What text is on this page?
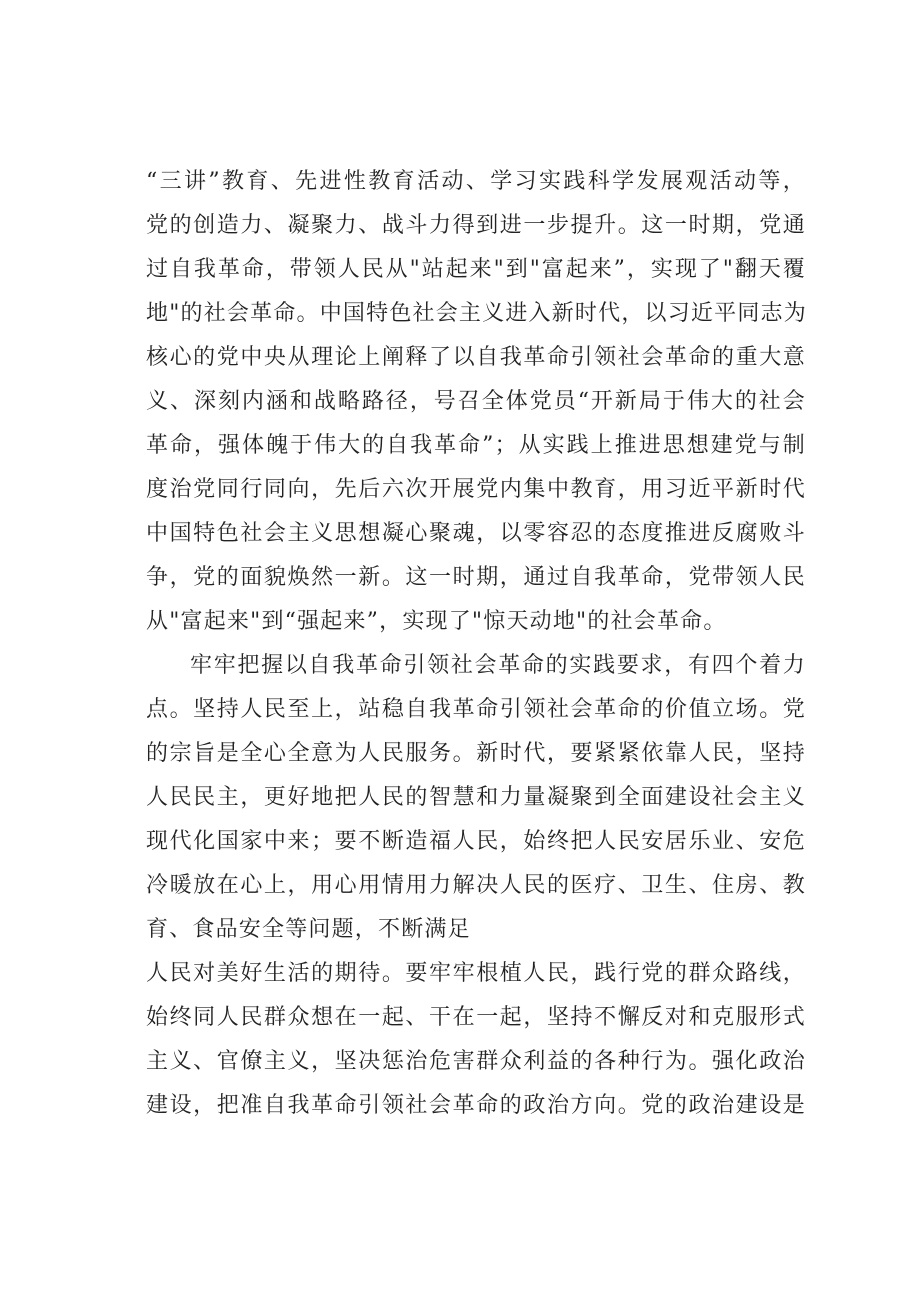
“三讲”教育、先进性教育活动、学习实践科学发展观活动等，
党的创造力、凝聚力、战斗力得到进一步提升。这一时期，党通
过自我革命，带领人民从"站起来"到"富起来”，实现了"翻天覆
地"的社会革命。中国特色社会主义进入新时代，以习近平同志为
核心的党中央从理论上阐释了以自我革命引领社会革命的重大意
义、深刻内涵和战略路径，号召全体党员“开新局于伟大的社会
革命，强体魄于伟大的自我革命”；从实践上推进思想建党与制
度治党同行同向，先后六次开展党内集中教育，用习近平新时代
中国特色社会主义思想凝心聚魂，以零容忍的态度推进反腐败斗
争，党的面貌焕然一新。这一时期，通过自我革命，党带领人民
从"富起来"到“强起来”，实现了"惊天动地"的社会革命。
牢牢把握以自我革命引领社会革命的实践要求，有四个着力
点。坚持人民至上，站稳自我革命引领社会革命的价值立场。党
的宗旨是全心全意为人民服务。新时代，要紧紧依靠人民，坚持
人民民主，更好地把人民的智慧和力量凝聚到全面建设社会主义
现代化国家中来；要不断造福人民，始终把人民安居乐业、安危
冷暖放在心上，用心用情用力解决人民的医疗、卫生、住房、教
育、食品安全等问题，不断满足
人民对美好生活的期待。要牢牢根植人民，践行党的群众路线，
始终同人民群众想在一起、干在一起，坚持不懈反对和克服形式
主义、官僚主义，坚决惩治危害群众利益的各种行为。强化政治
建设，把准自我革命引领社会革命的政治方向。党的政治建设是
